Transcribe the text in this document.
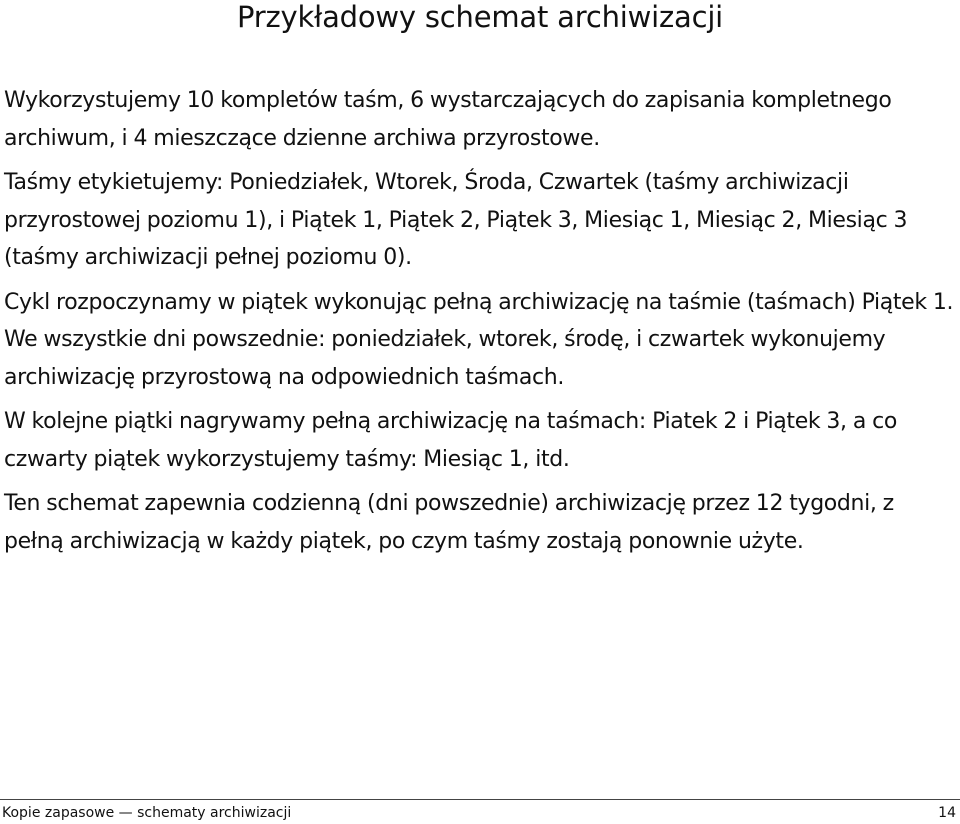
Przykładowy schemat archiwizacji

Wykorzystujemy 10 kompletów taśm, 6 wystarczających do zapisania kompletnego archiwum, i 4 mieszczące dzienne archiwa przyrostowe.

Taśmy etykietujemy: Poniedziałek, Wtorek, Środa, Czwartek (taśmy archiwizacji przyrostowej poziomu 1), i Piątek 1, Piątek 2, Piątek 3, Miesiąc 1, Miesiąc 2, Miesiąc 3 (taśmy archiwizacji pełnej poziomu 0).

Cykl rozpoczynamy w piątek wykonując pełną archiwizację na taśmie (taśmach) Piątek 1. We wszystkie dni powszednie: poniedziałek, wtorek, środę, i czwartek wykonujemy archiwizację przyrostową na odpowiednich taśmach.

W kolejne piątki nagrywamy pełną archiwizację na taśmach: Piatek 2 i Piątek 3, a co czwarty piątek wykorzystujemy taśmy: Miesiąc 1, itd.

Ten schemat zapewnia codzienną (dni powszednie) archiwizację przez 12 tygodni, z pełną archiwizacją w każdy piątek, po czym taśmy zostają ponownie użyte.

Kopie zapasowe — schematy archiwizacji	14
